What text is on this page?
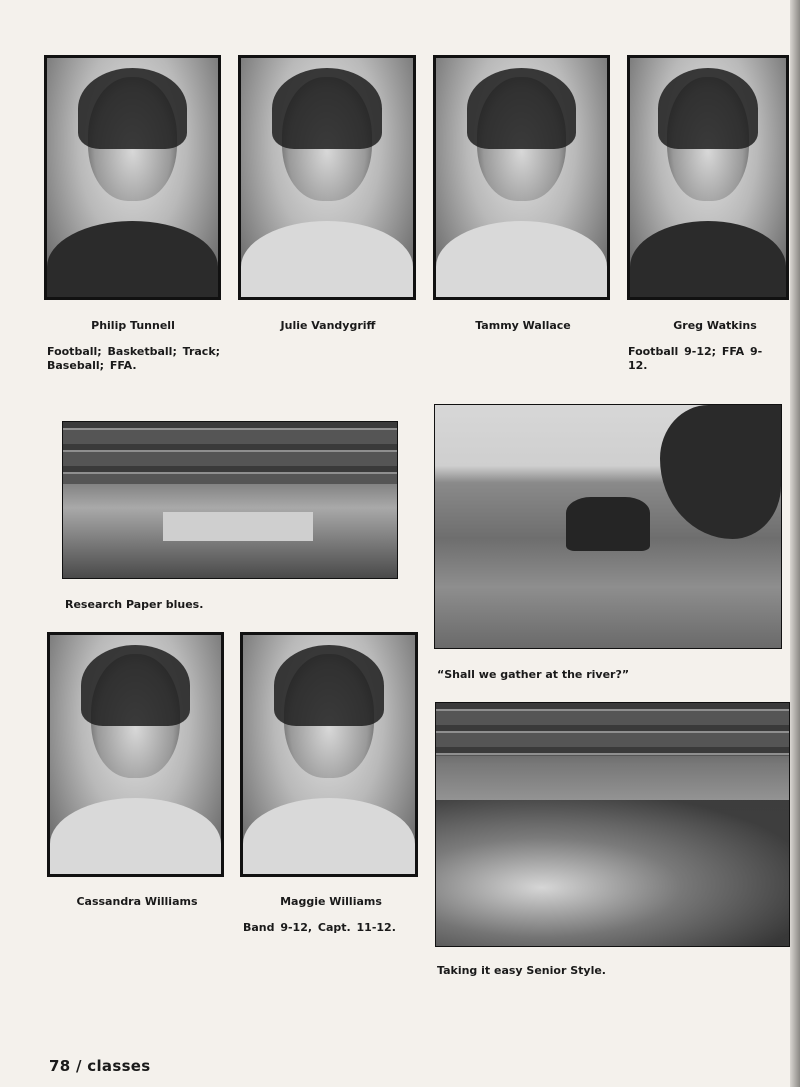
Philip Tunnell	Julie Vandygriff	Tammy Wallace	Greg Watkins
Football; Basketball; Track; Baseball; FFA.
Football 9-12; FFA 9-12.
Research Paper blues.
“Shall we gather at the river?”
Cassandra Williams	Maggie Williams
Band 9-12, Capt. 11-12.
Taking it easy Senior Style.
78 / classes
